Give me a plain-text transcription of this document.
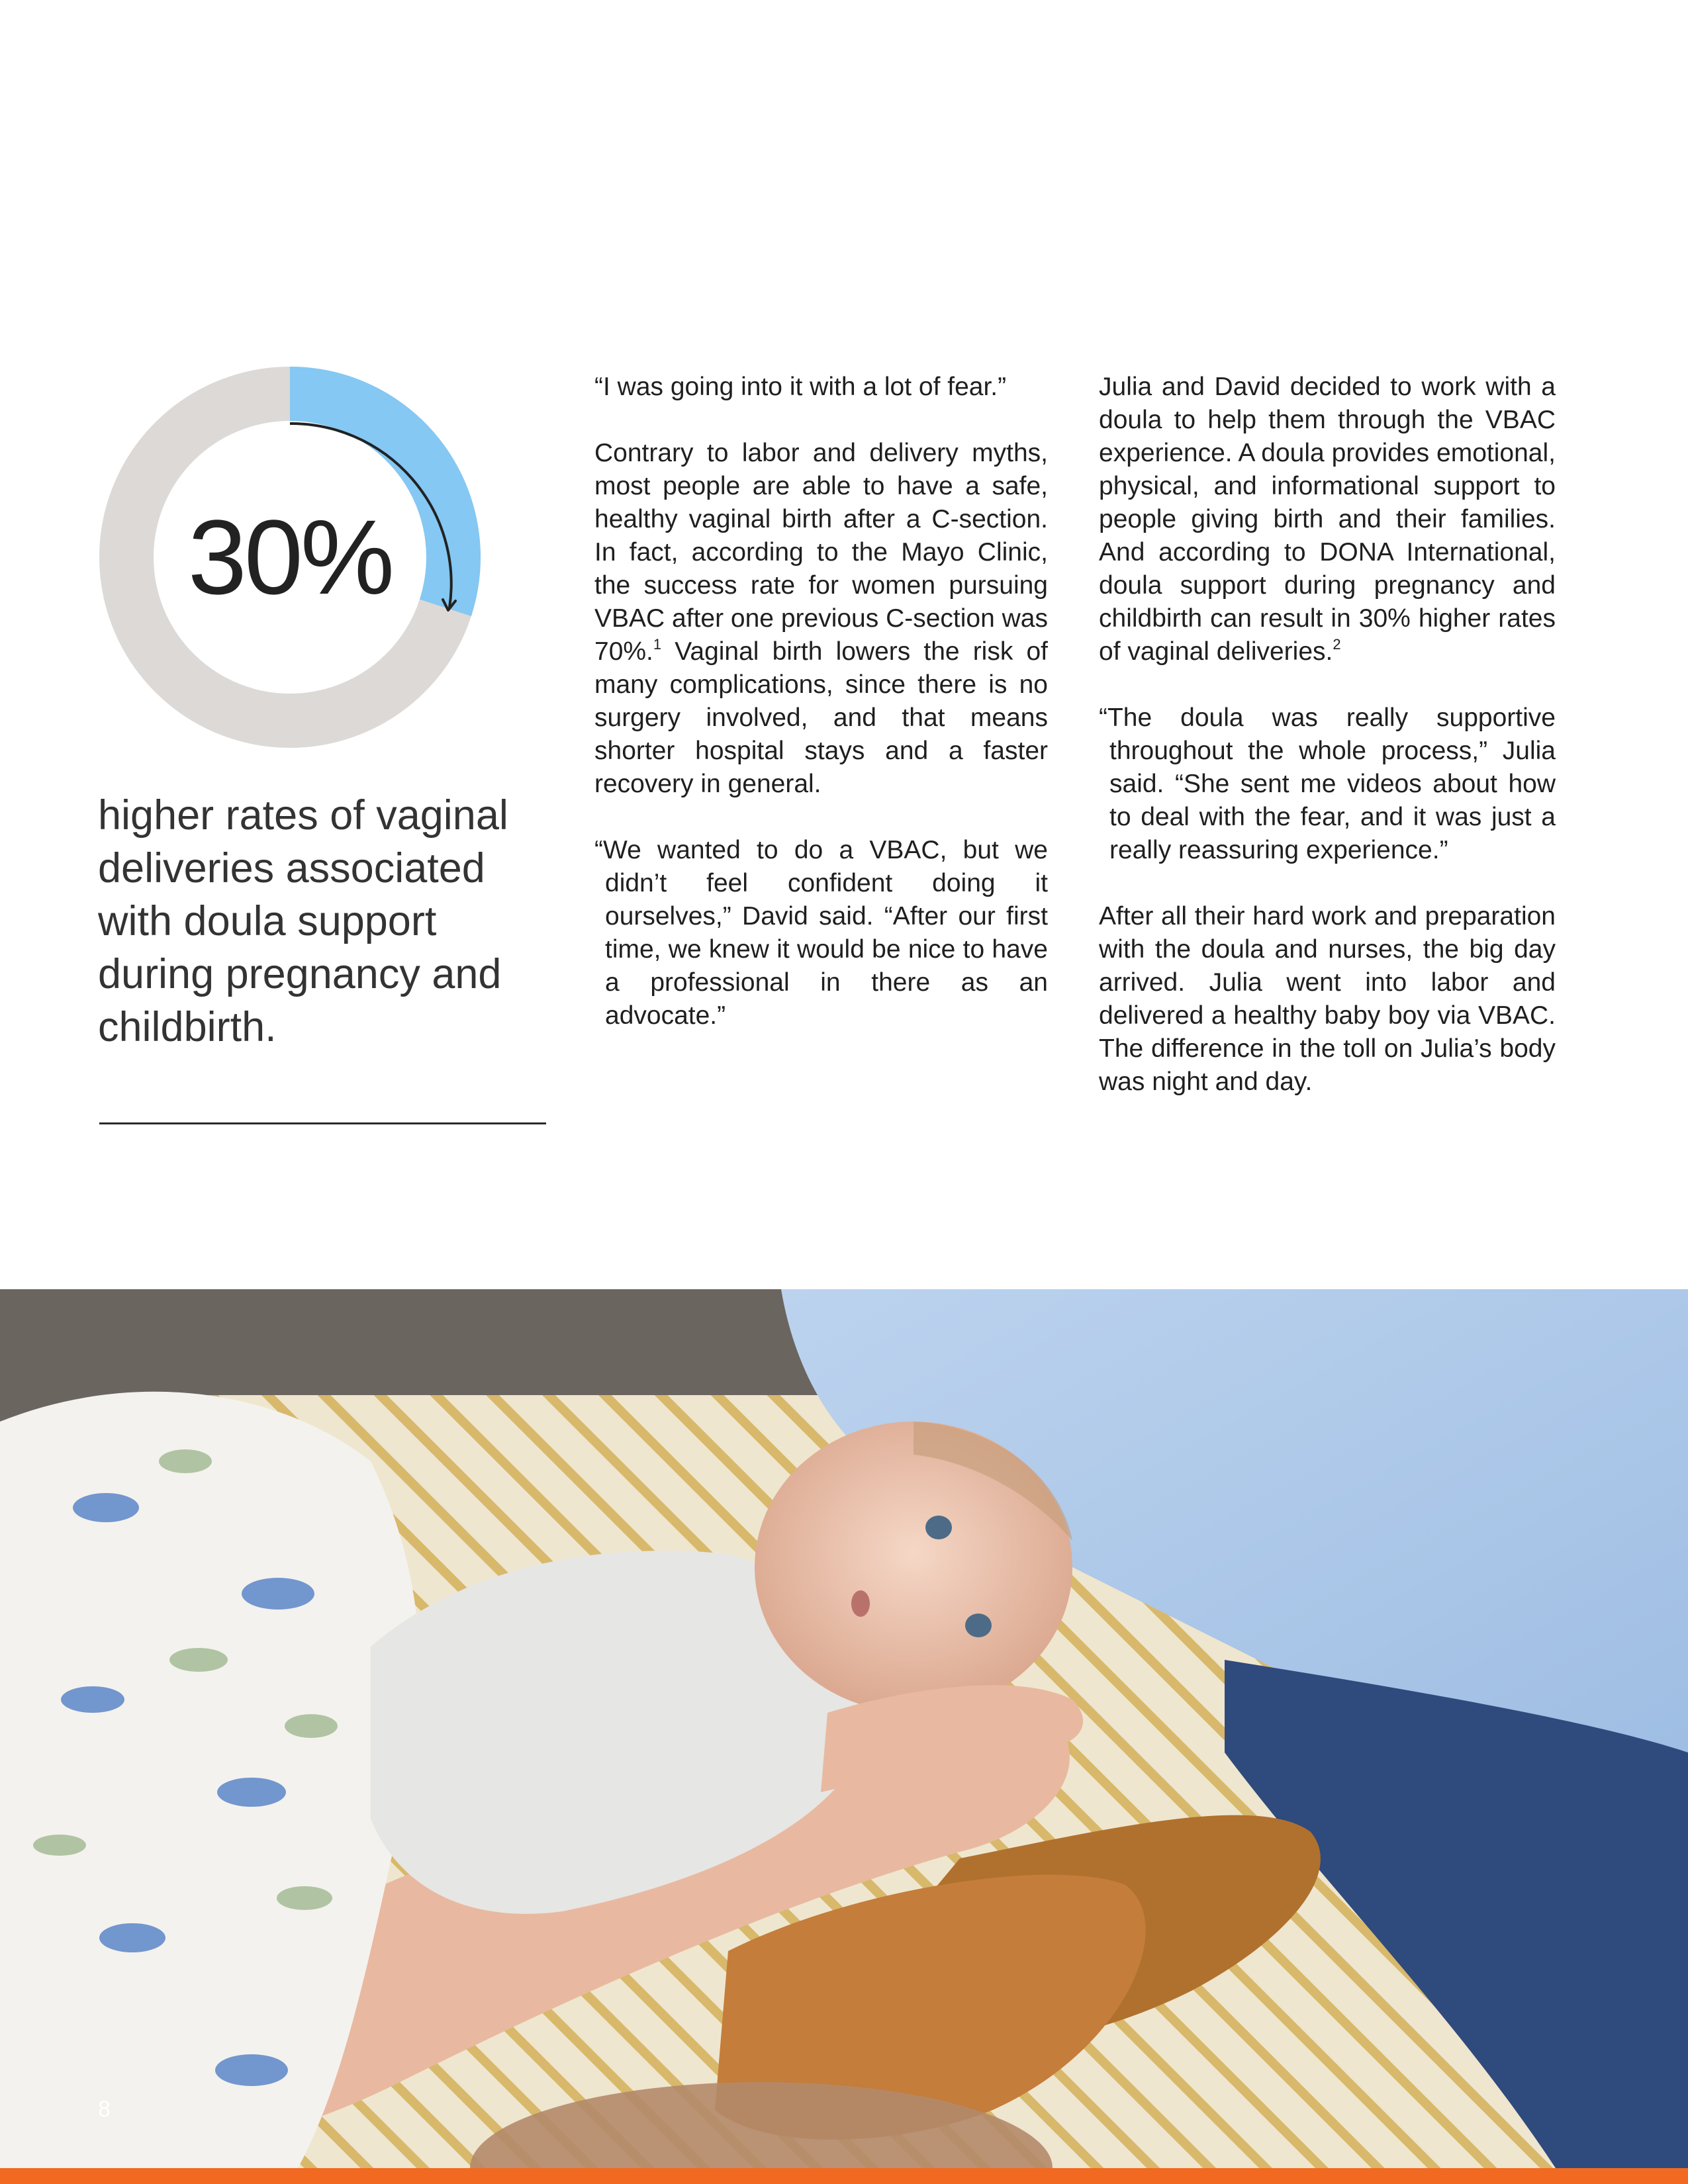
30%
higher rates of vaginal deliveries associated with doula support during pregnancy and childbirth.

“I was going into it with a lot of fear.”

Contrary to labor and delivery myths, most people are able to have a safe, healthy vaginal birth after a C-section. In fact, according to the Mayo Clinic, the success rate for women pursuing VBAC after one previous C-section was 70%.$^1$ Vaginal birth lowers the risk of many complications, since there is no surgery involved, and that means shorter hospital stays and a faster recovery in general.

“We wanted to do a VBAC, but we didn’t feel confident doing it ourselves,” David said. “After our first time, we knew it would be nice to have a professional in there as an advocate.”

Julia and David decided to work with a doula to help them through the VBAC experience. A doula provides emotional, physical, and informational support to people giving birth and their families. And according to DONA International, doula support during pregnancy and childbirth can result in 30% higher rates of vaginal deliveries.$^2$

“The doula was really supportive throughout the whole process,” Julia said. “She sent me videos about how to deal with the fear, and it was just a really reassuring experience.”

After all their hard work and preparation with the doula and nurses, the big day arrived. Julia went into labor and delivered a healthy baby boy via VBAC. The difference in the toll on Julia’s body was night and day.

8
